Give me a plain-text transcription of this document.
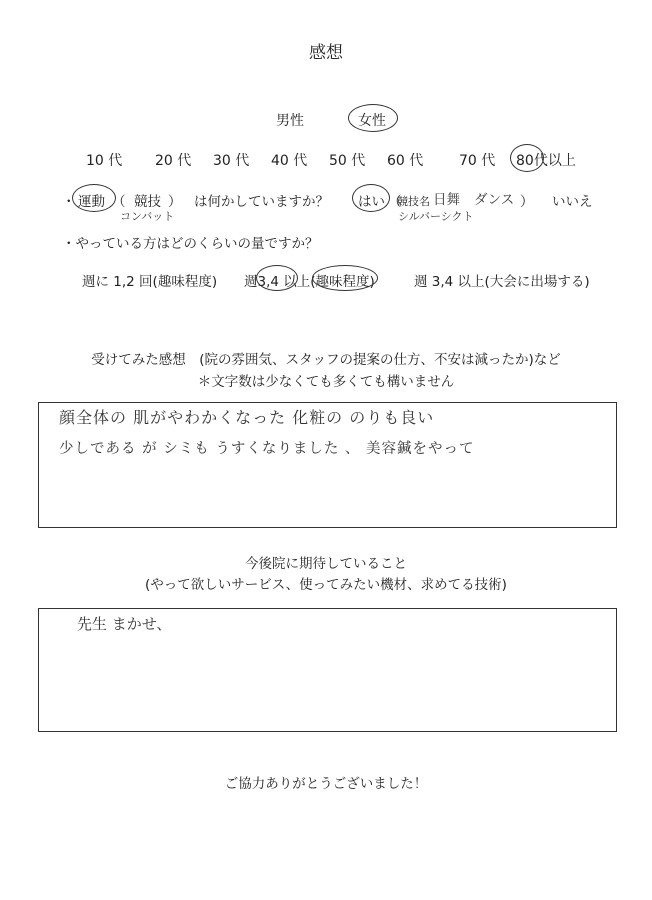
感想
男性	女性
10 代 20 代 30 代 40 代 50 代 60 代	70 代 80代以上
・ 運動 （ 競技 ） は何かしていますか？
コンバット
はい （
競技名 日舞 ダンス ）
シルバーシクト
いいえ
・やっている方はどのくらいの量ですか？
週に 1,2 回(趣味程度) 週3,4 以上(趣味程度)	週 3,4 以上(大会に出場する)
受けてみた感想　(院の雰囲気、スタッフの提案の仕方、不安は減ったか)など
＊文字数は少なくても多くても構いません
顔全体の 肌がやわかくなった 化粧の のりも良い
少しである が シミも うすくなりました 、 美容鍼をやって
今後院に期待していること
(やって欲しいサービス、使ってみたい機材、求めてる技術)
先生 まかせ、
ご協力ありがとうございました！
